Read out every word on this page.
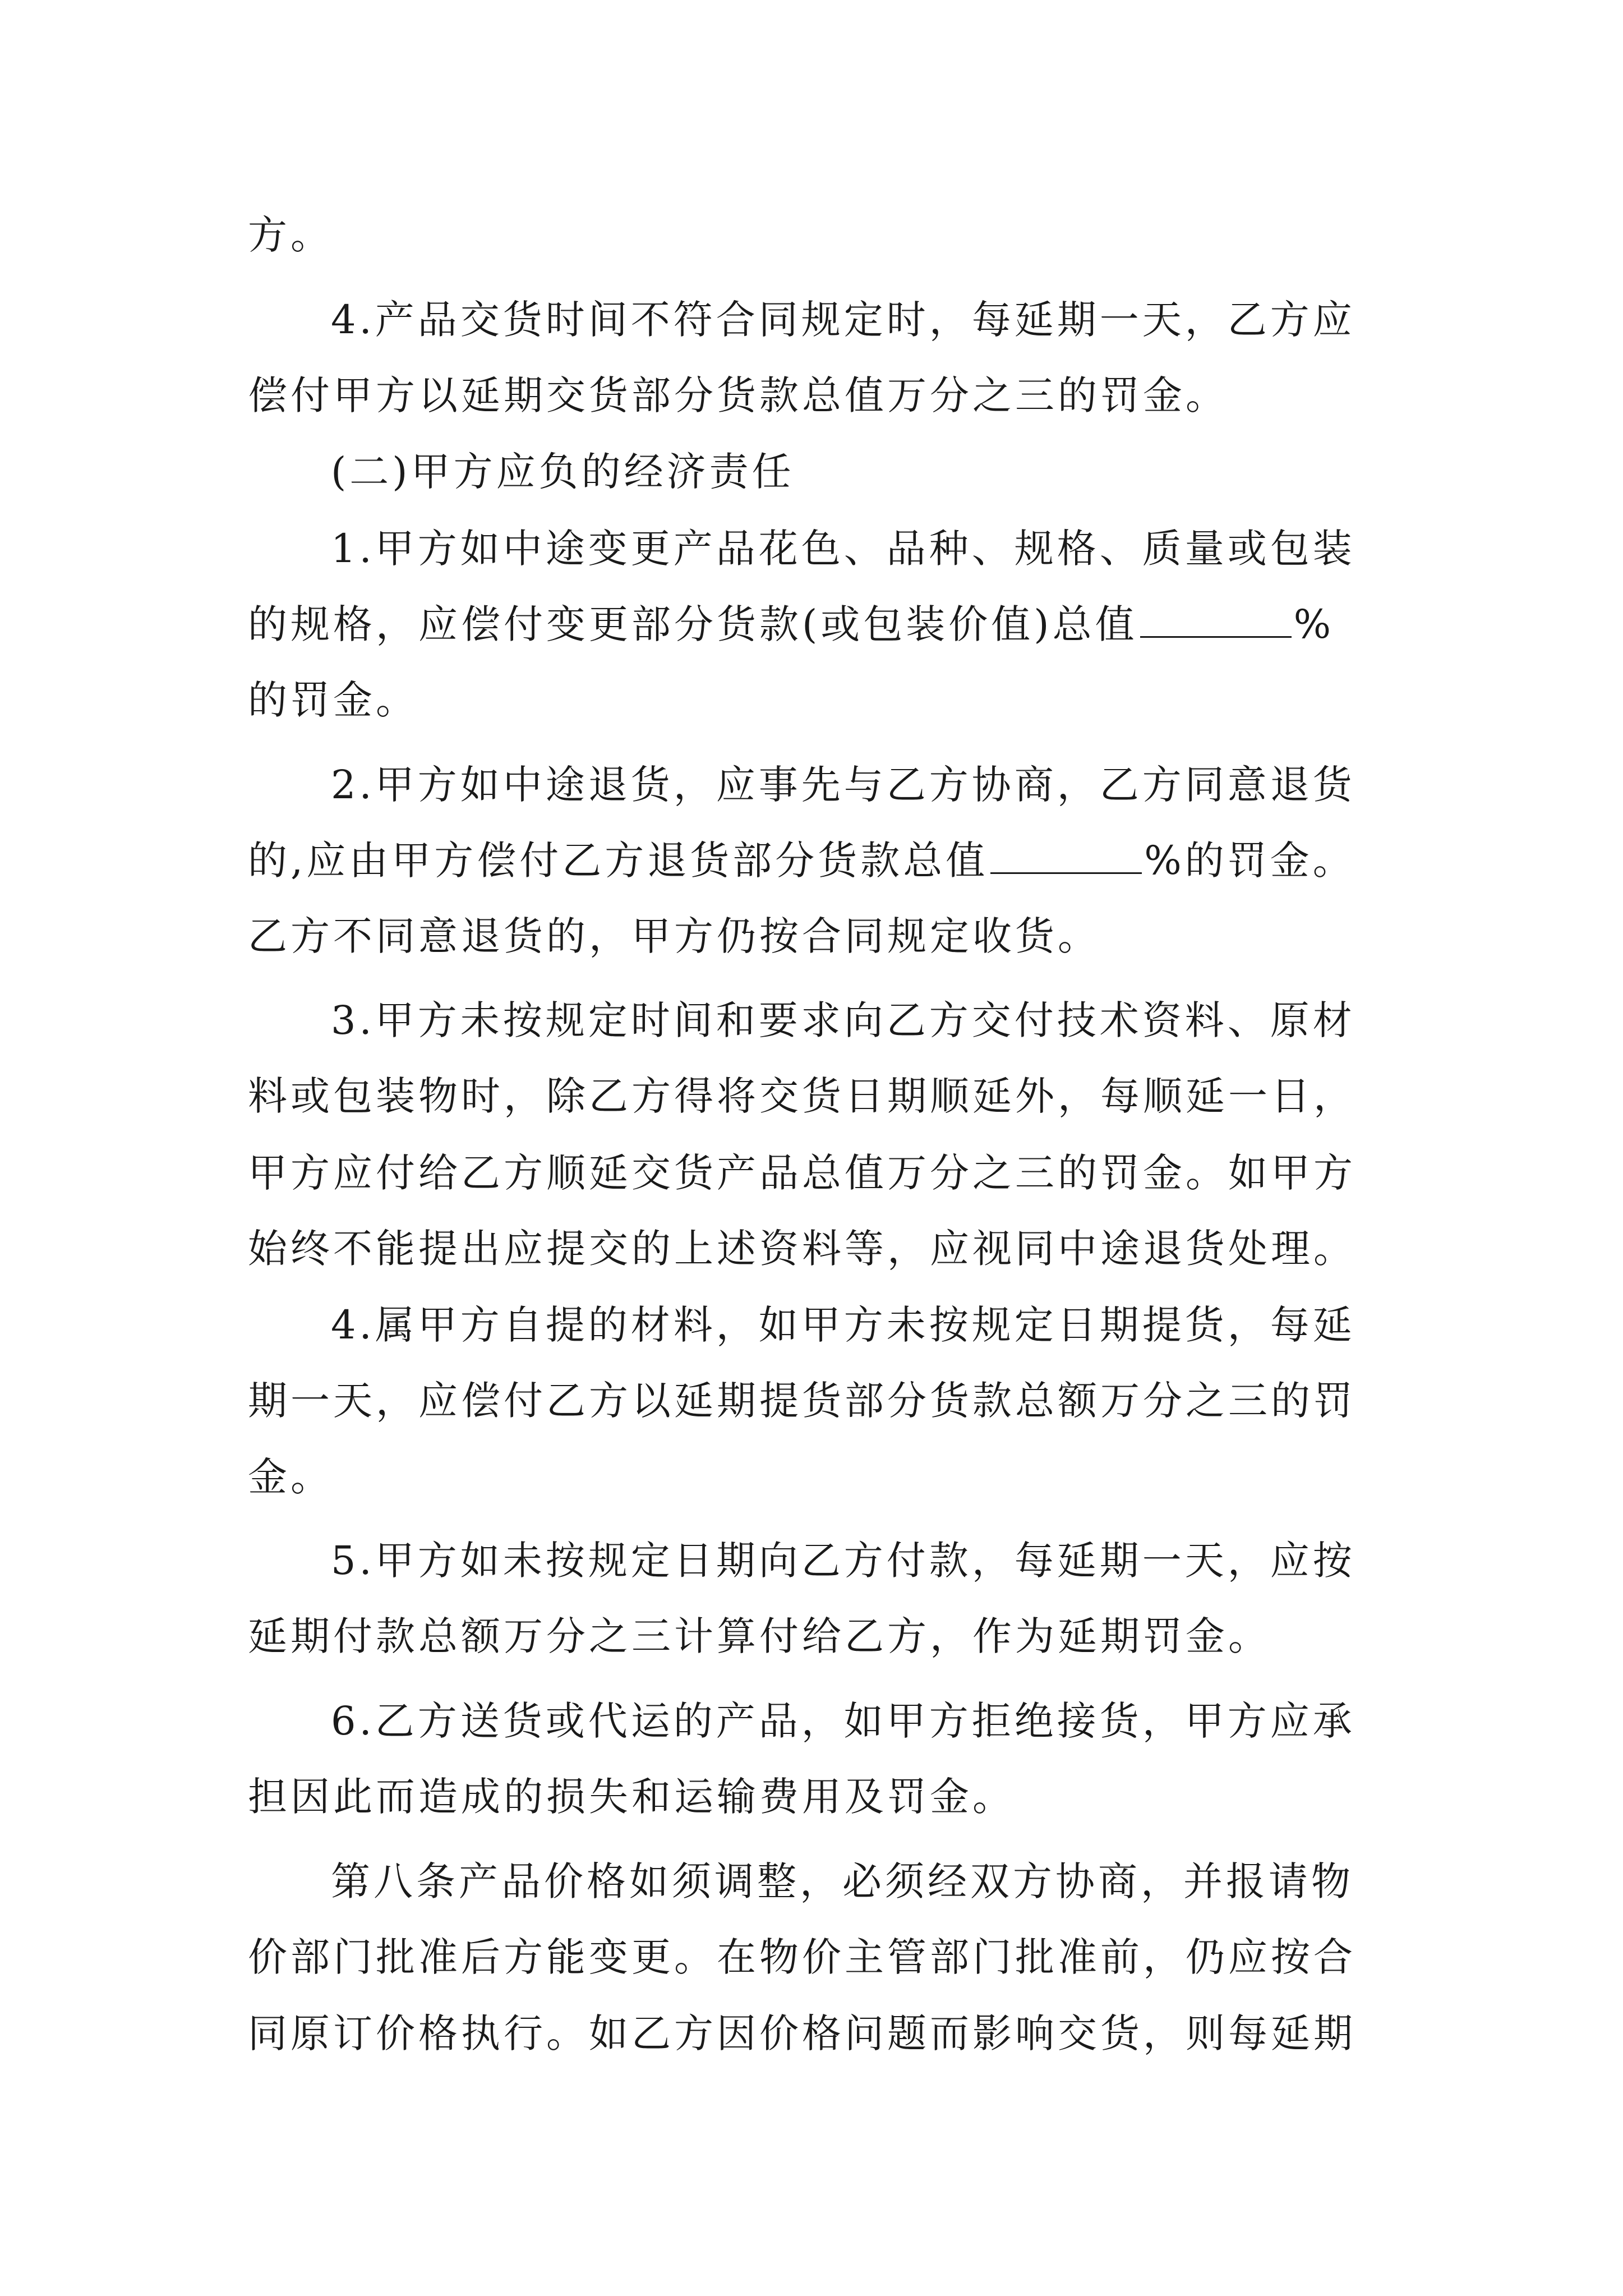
方。
4.产品交货时间不符合同规定时，每延期一天，乙方应
偿付甲方以延期交货部分货款总值万分之三的罚金。
(二)甲方应负的经济责任
1.甲方如中途变更产品花色、品种、规格、质量或包装
的规格，应偿付变更部分货款(或包装价值)总值	%
的罚金。
2.甲方如中途退货，应事先与乙方协商，乙方同意退货
的,应由甲方偿付乙方退货部分货款总值	%的罚金。
乙方不同意退货的，甲方仍按合同规定收货。
3.甲方未按规定时间和要求向乙方交付技术资料、原材
料或包装物时，除乙方得将交货日期顺延外，每顺延一日，
甲方应付给乙方顺延交货产品总值万分之三的罚金。如甲方
始终不能提出应提交的上述资料等，应视同中途退货处理。
4.属甲方自提的材料，如甲方未按规定日期提货，每延
期一天，应偿付乙方以延期提货部分货款总额万分之三的罚
金。
5.甲方如未按规定日期向乙方付款，每延期一天，应按
延期付款总额万分之三计算付给乙方，作为延期罚金。
6.乙方送货或代运的产品，如甲方拒绝接货，甲方应承
担因此而造成的损失和运输费用及罚金。
第八条产品价格如须调整，必须经双方协商，并报请物
价部门批准后方能变更。在物价主管部门批准前，仍应按合
同原订价格执行。如乙方因价格问题而影响交货，则每延期
